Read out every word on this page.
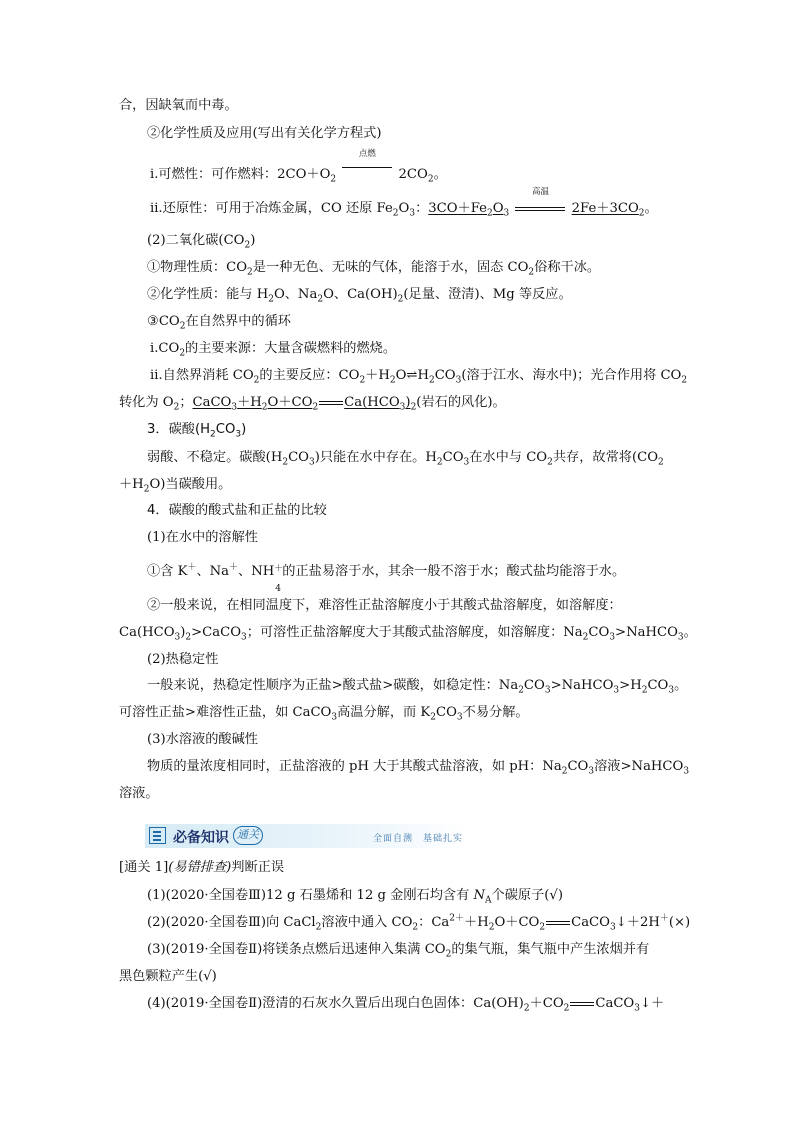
合，因缺氧而中毒。
②化学性质及应用(写出有关化学方程式)
ⅰ.可燃性：可作燃料：$2CO+O_2$
点燃
$2CO_2$。
ⅱ.还原性：可用于冶炼金属，CO 还原 $Fe_2O_3$：$3CO+Fe_2O_3$
高温
$2Fe+3CO_2$。
(2)二氧化碳$(CO_2)$
①物理性质：$CO_2$是一种无色、无味的气体，能溶于水，固态 $CO_2$俗称干冰。
②化学性质：能与 $H_2O$、$Na_2O$、$Ca(OH)_2$(足量、澄清)、Mg 等反应。
$③CO_2$在自然界中的循环
$ⅰ.CO_2$的主要来源：大量含碳燃料的燃烧。
ⅱ.自然界消耗 $CO_2$的主要反应：$CO_2+H_2O\rightleftharpoons H_2CO_3$(溶于江水、海水中)；光合作用将 $CO_2$
转化为 $O_2$；$CaCO_3+H_2O+CO_2$ $Ca(HCO_3)_2$(岩石的风化)。
3．碳酸$(H_2CO_3)$
弱酸、不稳定。碳酸$(H_2CO_3)$只能在水中存在。$H_2CO_3$在水中与 $CO_2$共存，故常将($CO_2$
$+H_2O$)当碳酸用。
4．碳酸的酸式盐和正盐的比较
(1)在水中的溶解性
①含 K＋、Na＋、NH ＋
4
的正盐易溶于水，其余一般不溶于水；酸式盐均能溶于水。
②一般来说，在相同温度下，难溶性正盐溶解度小于其酸式盐溶解度，如溶解度：
$Ca(HCO_3)_2>CaCO_3$；可溶性正盐溶解度大于其酸式盐溶解度，如溶解度：$Na_2CO_3>NaHCO_3$。
(2)热稳定性
一般来说，热稳定性顺序为正盐>酸式盐>碳酸，如稳定性：$Na_2CO_3>NaHCO_3>H_2CO_3$。
可溶性正盐>难溶性正盐，如 CaCO$_3$高温分解，而 $K_2CO_3$不易分解。
(3)水溶液的酸碱性
物质的量浓度相同时，正盐溶液的 pH 大于其酸式盐溶液，如 pH：$Na_2CO_3$溶液>NaHCO$_3$
溶液。
必备知识 通关	全面自测　基础扎实
[通关 1](易错排查)判断正误
(1)(2020·全国卷Ⅲ)12 g 石墨烯和 12 g 金刚石均含有 $N_A$个碳原子(√)
(2)(2020·全国卷Ⅲ)向 CaCl$_2$溶液中通入 $CO_2$：$Ca^{2+}+H_2O+CO_2$ CaCO$_3$↓＋2H＋(×)
(3)(2019·全国卷Ⅱ)将镁条点燃后迅速伸入集满 $CO_2$的集气瓶，集气瓶中产生浓烟并有
黑色颗粒产生(√)
(4)(2019·全国卷Ⅱ)澄清的石灰水久置后出现白色固体：$Ca(OH)_2+CO_2$ CaCO$_3$↓＋
